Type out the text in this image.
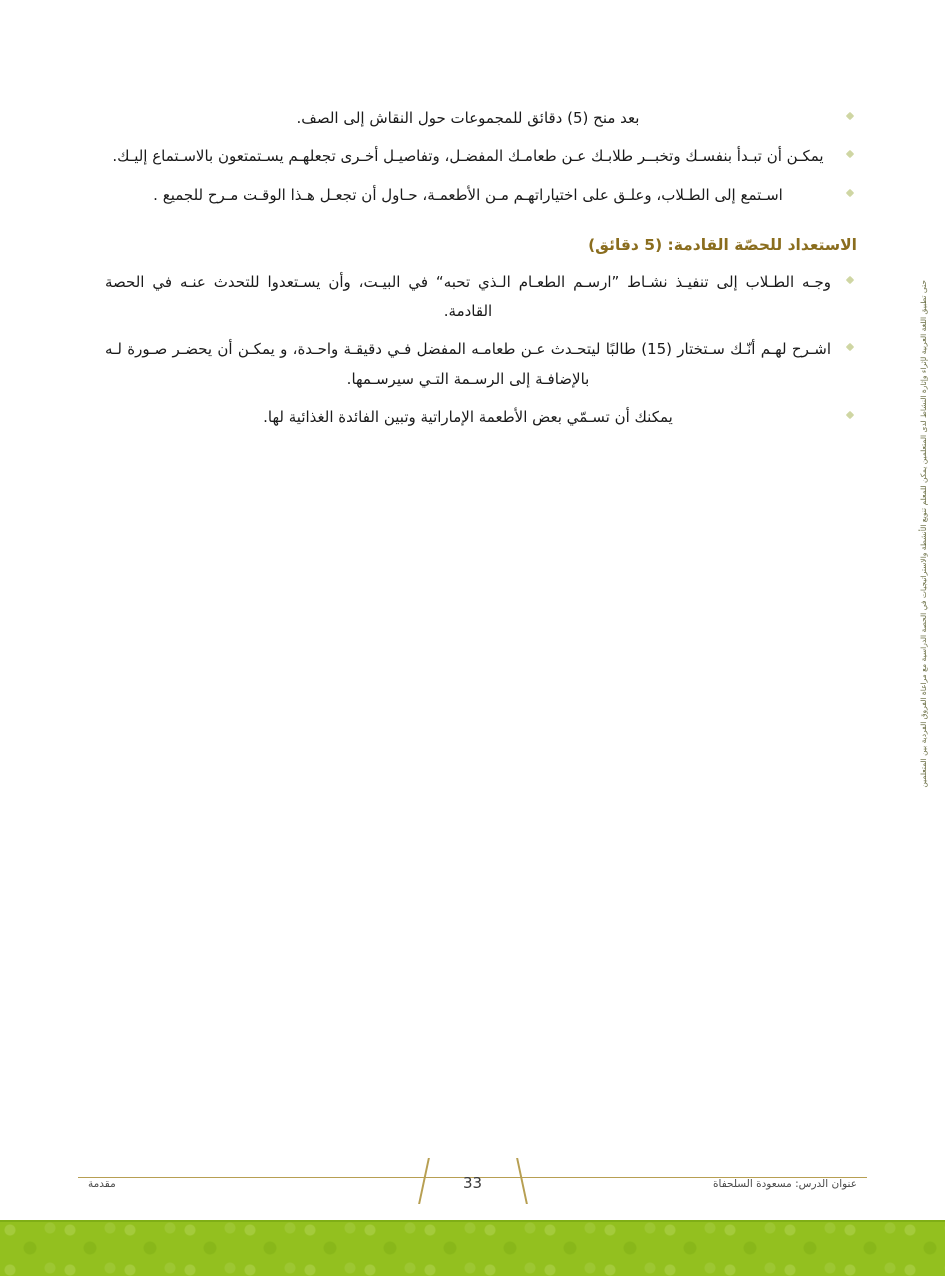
حتى تطبيق اللغة العربية لإثراء وإثارة النشاط لدى المتعلمين يمكن للمعلم تنويع الأنشطة والاستراتيجيات في الحصة الدراسية مع مراعاة الفروق الفردية بين المتعلمين
بعد منح (5) دقائق للمجموعات حول النقاش إلى الصف.
يمكـن أن تبـدأ بنفسـك وتخبــر طلابـك عـن طعامـك المفضـل، وتفاصيـل أخـرى تجعلهـم يسـتمتعون بالاسـتماع إليـك.
اسـتمع إلى الطـلاب، وعلـق على اختياراتهـم مـن الأطعمـة، حـاول أن تجعـل هـذا الوقـت مـرح للجميع .
الاستعداد للحصّة القادمة: (5 دقائق)
وجـه الطـلاب إلى تنفيـذ نشـاط ”ارسـم الطعـام الـذي تحبه“ في البيـت، وأن يسـتعدوا للتحدث عنـه في الحصة القادمة.
اشـرح لهـم أنّـك سـتختار (15) طالبًا ليتحـدث عـن طعامـه المفضل فـي دقيقـة واحـدة، و يمكـن أن يحضـر صـورة لـه بالإضافـة إلى الرسـمة التـي سيرسـمها.
يمكنك أن تسـمّي بعض الأطعمة الإماراتية وتبين الفائدة الغذائية لها.
عنوان الدرس: مسعودة السلحفاة
مقدمة	33
